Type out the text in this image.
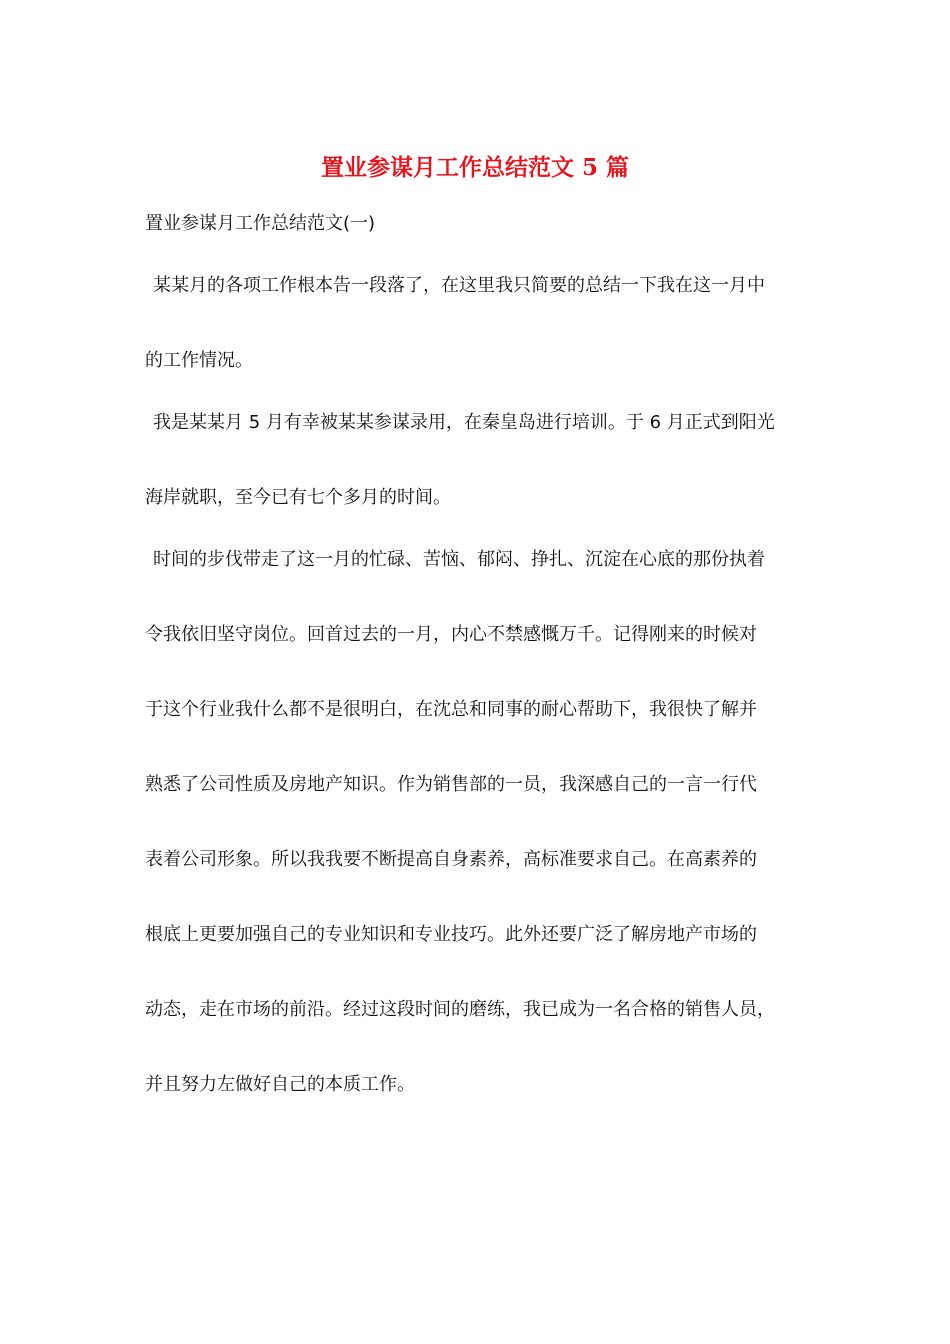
置业参谋月工作总结范文 5 篇
置业参谋月工作总结范文(一)
某某月的各项工作根本告一段落了，在这里我只简要的总结一下我在这一月中
的工作情况。
我是某某月 5 月有幸被某某参谋录用，在秦皇岛进行培训。于 6 月正式到阳光
海岸就职，至今已有七个多月的时间。
时间的步伐带走了这一月的忙碌、苦恼、郁闷、挣扎、沉淀在心底的那份执着
令我依旧坚守岗位。回首过去的一月，内心不禁感慨万千。记得刚来的时候对
于这个行业我什么都不是很明白，在沈总和同事的耐心帮助下，我很快了解并
熟悉了公司性质及房地产知识。作为销售部的一员，我深感自己的一言一行代
表着公司形象。所以我我要不断提高自身素养，高标准要求自己。在高素养的
根底上更要加强自己的专业知识和专业技巧。此外还要广泛了解房地产市场的
动态，走在市场的前沿。经过这段时间的磨练，我已成为一名合格的销售人员，
并且努力左做好自己的本质工作。
